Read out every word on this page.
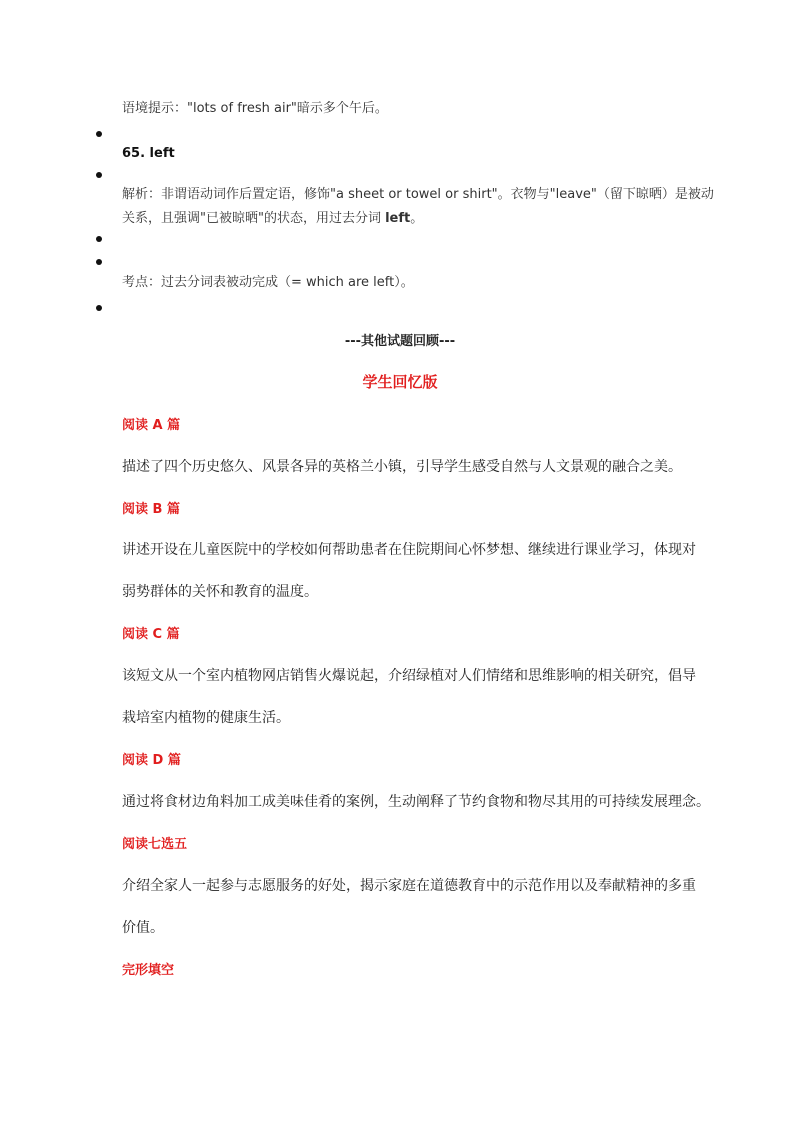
语境提示："lots of fresh air"暗示多个午后。
65. left
解析：非谓语动词作后置定语，修饰"a sheet or towel or shirt"。衣物与"leave"（留下晾晒）是被动
关系，且强调"已被晾晒"的状态，用过去分词 left。
考点：过去分词表被动完成（= which are left）。
---其他试题回顾---
学生回忆版
阅读 A 篇
描述了四个历史悠久、风景各异的英格兰小镇，引导学生感受自然与人文景观的融合之美。
阅读 B 篇
讲述开设在儿童医院中的学校如何帮助患者在住院期间心怀梦想、继续进行课业学习，体现对
弱势群体的关怀和教育的温度。
阅读 C 篇
该短文从一个室内植物网店销售火爆说起，介绍绿植对人们情绪和思维影响的相关研究，倡导
栽培室内植物的健康生活。
阅读 D 篇
通过将食材边角料加工成美味佳肴的案例，生动阐释了节约食物和物尽其用的可持续发展理念。
阅读七选五
介绍全家人一起参与志愿服务的好处，揭示家庭在道德教育中的示范作用以及奉献精神的多重
价值。
完形填空
